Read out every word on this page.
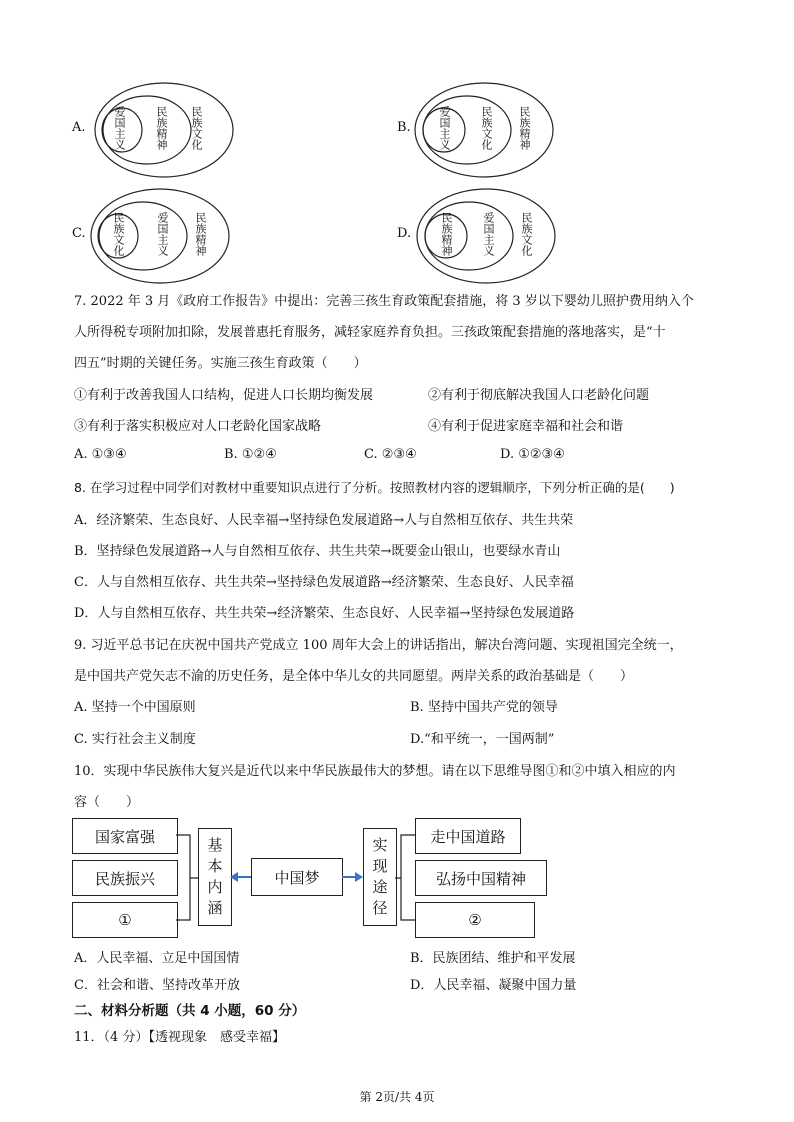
A. 爱国主义	民族精神 民族文化	B. 爱国主义	民族文化 民族精神
C. 民族文化	爱国主义 民族精神	D.	民族精神	爱国主义 民族文化
7. 2022 年 3 月《政府工作报告》中提出：完善三孩生育政策配套措施，将 3 岁以下婴幼儿照护费用纳入个
人所得税专项附加扣除，发展普惠托育服务，减轻家庭养育负担。三孩政策配套措施的落地落实，是“十
四五”时期的关键任务。实施三孩生育政策（　　）
①有利于改善我国人口结构，促进人口长期均衡发展	②有利于彻底解决我国人口老龄化问题
③有利于落实积极应对人口老龄化国家战略	④有利于促进家庭幸福和社会和谐
A. ①③④	B. ①②④	C. ②③④	D. ①②③④
8. 在学习过程中同学们对教材中重要知识点进行了分析。按照教材内容的逻辑顺序，下列分析正确的是(　　)
A．经济繁荣、生态良好、人民幸福→坚持绿色发展道路→人与自然相互依存、共生共荣
B．坚持绿色发展道路→人与自然相互依存、共生共荣→既要金山银山，也要绿水青山
C．人与自然相互依存、共生共荣→坚持绿色发展道路→经济繁荣、生态良好、人民幸福
D．人与自然相互依存、共生共荣→经济繁荣、生态良好、人民幸福→坚持绿色发展道路
9. 习近平总书记在庆祝中国共产党成立 100 周年大会上的讲话指出，解决台湾问题、实现祖国完全统一，
是中国共产党矢志不渝的历史任务，是全体中华儿女的共同愿望。两岸关系的政治基础是（　　）
A. 坚持一个中国原则	B. 坚持中国共产党的领导
C. 实行社会主义制度	D.“和平统一，一国两制”
10．实现中华民族伟大复兴是近代以来中华民族最伟大的梦想。请在以下思维导图①和②中填入相应的内
容（　　）
国家富强
民族振兴
①
基
本
内
涵
中国梦
实
现
途
径
走中国道路
弘扬中国精神
②
A．人民幸福、立足中国国情	B．民族团结、维护和平发展
C．社会和谐、坚持改革开放	D．人民幸福、凝聚中国力量
二、材料分析题（共 4 小题，60 分）
11．（4 分）【透视现象　感受幸福】
第 2页/共 4页
